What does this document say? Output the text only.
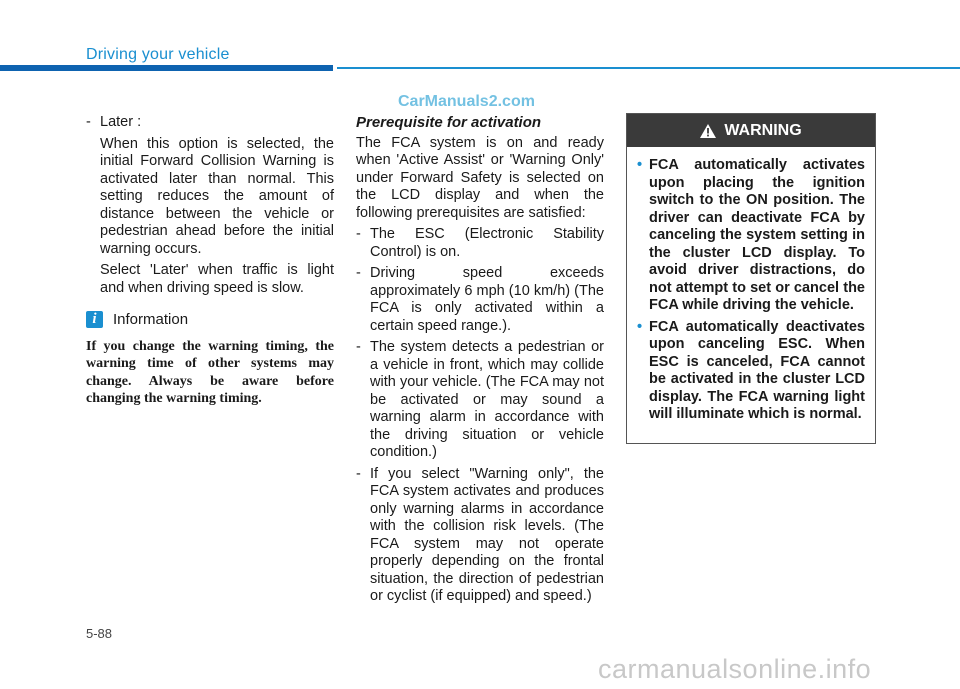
Driving your vehicle
CarManuals2.com
- Later :
When this option is selected, the initial Forward Collision Warning is activated later than normal. This setting reduces the amount of distance between the vehicle or pedestrian ahead before the initial warning occurs.
Select 'Later' when traffic is light and when driving speed is slow.
i Information
If you change the warning timing, the warning time of other systems may change. Always be aware before changing the warning timing.
Prerequisite for activation
The FCA system is on and ready when 'Active Assist' or 'Warning Only' under Forward Safety is selected on the LCD display and when the following prerequisites are satisfied:
- The ESC (Electronic Stability Control) is on.
- Driving speed exceeds approximately 6 mph (10 km/h) (The FCA is only activated within a certain speed range.).
- The system detects a pedestrian or a vehicle in front, which may collide with your vehicle. (The FCA may not be activated or may sound a warning alarm in accordance with the driving situation or vehicle condition.)
- If you select "Warning only", the FCA system activates and produces only warning alarms in accordance with the collision risk levels. (The FCA system may not operate properly depending on the frontal situation, the direction of pedestrian or cyclist (if equipped) and speed.)
WARNING
• FCA automatically activates upon placing the ignition switch to the ON position. The driver can deactivate FCA by canceling the system setting in the cluster LCD display. To avoid driver distractions, do not attempt to set or cancel the FCA while driving the vehicle.
• FCA automatically deactivates upon canceling ESC. When ESC is canceled, FCA cannot be activated in the cluster LCD display. The FCA warning light will illuminate which is normal.
5-88
carmanualsonline.info
